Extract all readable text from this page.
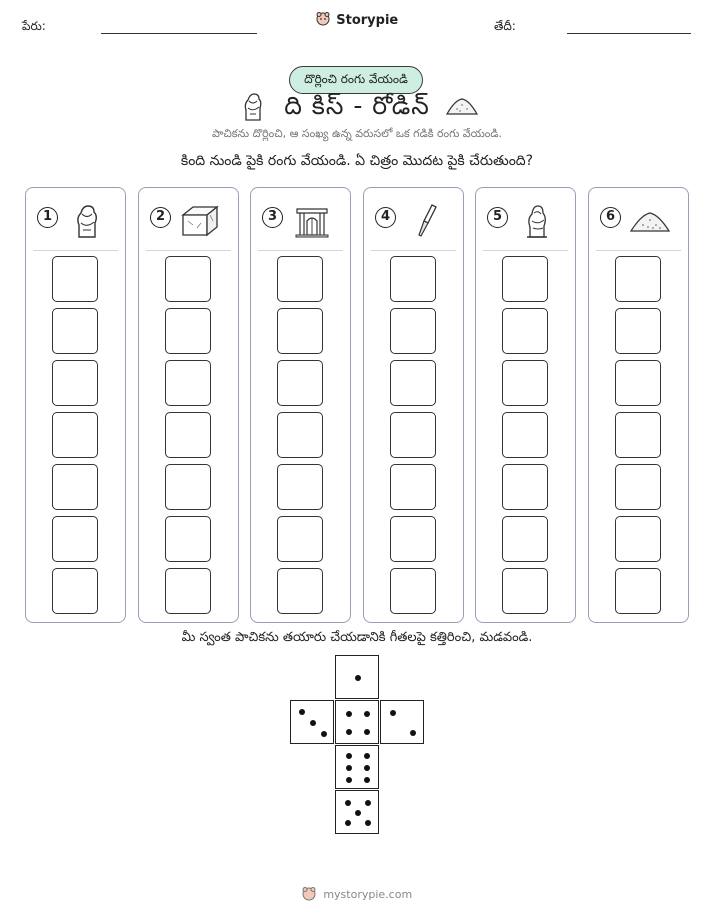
పేరు:	తేదీ:
Storypie
దొర్లించి రంగు వేయండి
ది కిస్ - రోడిన్
పాచికను దొర్లించి, ఆ సంఖ్య ఉన్న వరుసలో ఒక గడికి రంగు వేయండి.
కింది నుండి పైకి రంగు వేయండి. ఏ చిత్రం మొదట పైకి చేరుతుంది?
1	2	3	4	5	6
మీ స్వంత పాచికను తయారు చేయడానికి గీతలపై కత్తిరించి, మడవండి.
mystorypie.com
